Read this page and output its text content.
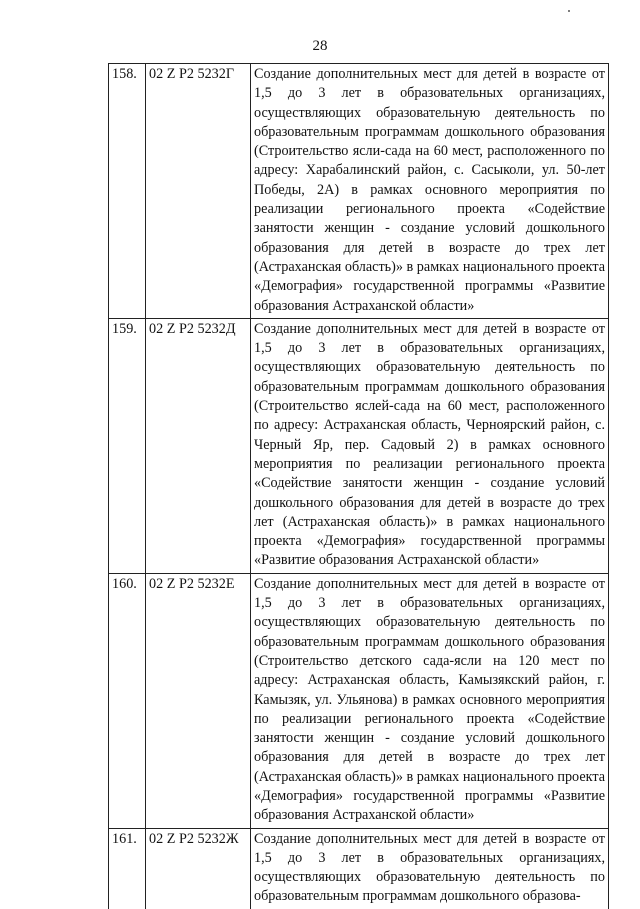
28
158.	02 Z P2 5232Г	Создание дополнительных мест для детей в возрасте от 1,5 до 3 лет в образовательных организациях, осуществляющих образовательную деятельность по образовательным программам дошкольного образования (Строительство ясли-сада на 60 мест, расположенного по адресу: Харабалинский район, с. Сасыколи, ул. 50-лет Победы, 2А) в рамках основного мероприятия по реализации регионального проекта «Содействие занятости женщин - создание условий дошкольного образования для детей в возрасте до трех лет (Астраханская область)» в рамках национального проекта «Демография» государственной программы «Развитие образования Астраханской области»
159.	02 Z P2 5232Д	Создание дополнительных мест для детей в возрасте от 1,5 до 3 лет в образовательных организациях, осуществляющих образовательную деятельность по образовательным программам дошкольного образования (Строительство яслей-сада на 60 мест, расположенного по адресу: Астраханская область, Черноярский район, с. Черный Яр, пер. Садовый 2) в рамках основного мероприятия по реализации регионального проекта «Содействие занятости женщин - создание условий дошкольного образования для детей в возрасте до трех лет (Астраханская область)» в рамках национального проекта «Демография» государственной программы «Развитие образования Астраханской области»
160.	02 Z P2 5232Е	Создание дополнительных мест для детей в возрасте от 1,5 до 3 лет в образовательных организациях, осуществляющих образовательную деятельность по образовательным программам дошкольного образования (Строительство детского сада-ясли на 120 мест по адресу: Астраханская область, Камызякский район, г. Камызяк, ул. Ульянова) в рамках основного мероприятия по реализации регионального проекта «Содействие занятости женщин - создание условий дошкольного образования для детей в возрасте до трех лет (Астраханская область)» в рамках национального проекта «Демография» государственной программы «Развитие образования Астраханской области»
161.	02 Z P2 5232Ж	Создание дополнительных мест для детей в возрасте от 1,5 до 3 лет в образовательных организациях, осуществляющих образовательную деятельность по образовательным программам дошкольного образова-
